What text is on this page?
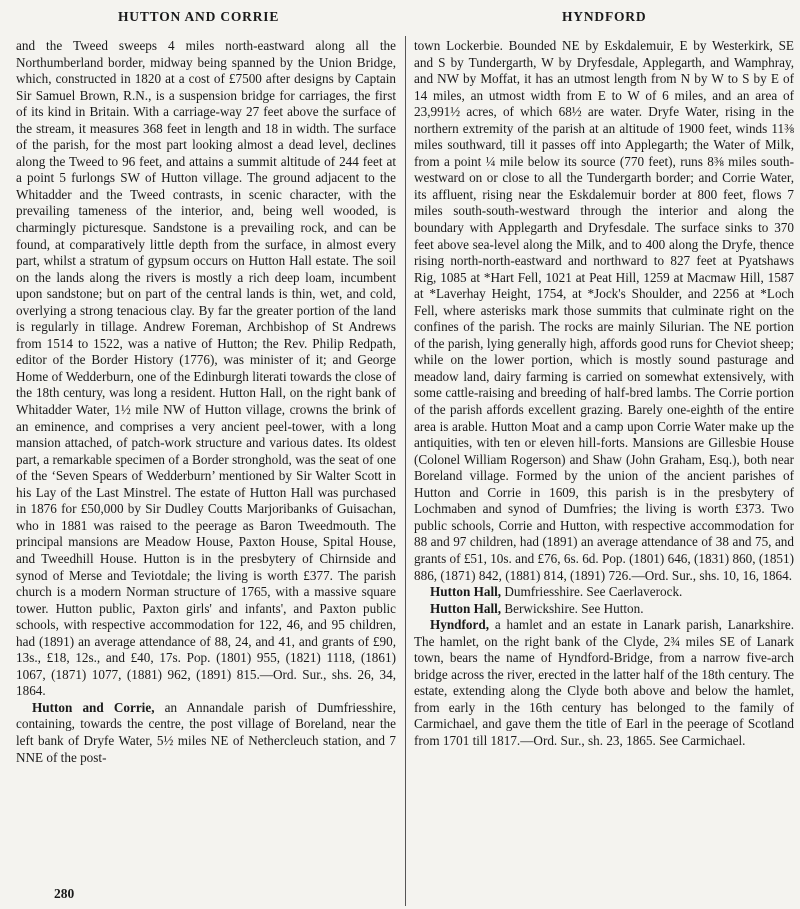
HUTTON AND CORRIE	HYNDFORD

and the Tweed sweeps 4 miles north-eastward along all the Northumberland border, midway being spanned by the Union Bridge, which, constructed in 1820 at a cost of £7500 after designs by Captain Sir Samuel Brown, R.N., is a suspension bridge for carriages, the first of its kind in Britain. With a carriage-way 27 feet above the surface of the stream, it measures 368 feet in length and 18 in width. The surface of the parish, for the most part looking almost a dead level, declines along the Tweed to 96 feet, and attains a summit altitude of 244 feet at a point 5 furlongs SW of Hutton village. The ground adjacent to the Whitadder and the Tweed contrasts, in scenic character, with the prevailing tameness of the interior, and, being well wooded, is charmingly picturesque. Sandstone is a prevailing rock, and can be found, at comparatively little depth from the surface, in almost every part, whilst a stratum of gypsum occurs on Hutton Hall estate. The soil on the lands along the rivers is mostly a rich deep loam, incumbent upon sandstone; but on part of the central lands is thin, wet, and cold, overlying a strong tenacious clay. By far the greater portion of the land is regularly in tillage. Andrew Foreman, Archbishop of St Andrews from 1514 to 1522, was a native of Hutton; the Rev. Philip Redpath, editor of the Border History (1776), was minister of it; and George Home of Wedderburn, one of the Edinburgh literati towards the close of the 18th century, was long a resident. Hutton Hall, on the right bank of Whitadder Water, 1½ mile NW of Hutton village, crowns the brink of an eminence, and comprises a very ancient peel-tower, with a long mansion attached, of patch-work structure and various dates. Its oldest part, a remarkable specimen of a Border stronghold, was the seat of one of the ‘Seven Spears of Wedderburn’ mentioned by Sir Walter Scott in his Lay of the Last Minstrel. The estate of Hutton Hall was purchased in 1876 for £50,000 by Sir Dudley Coutts Marjoribanks of Guisachan, who in 1881 was raised to the peerage as Baron Tweedmouth. The principal mansions are Meadow House, Paxton House, Spital House, and Tweedhill House. Hutton is in the presbytery of Chirnside and synod of Merse and Teviotdale; the living is worth £377. The parish church is a modern Norman structure of 1765, with a massive square tower. Hutton public, Paxton girls' and infants', and Paxton public schools, with respective accommodation for 122, 46, and 95 children, had (1891) an average attendance of 88, 24, and 41, and grants of £90, 13s., £18, 12s., and £40, 17s. Pop. (1801) 955, (1821) 1118, (1861) 1067, (1871) 1077, (1881) 962, (1891) 815.—Ord. Sur., shs. 26, 34, 1864.

Hutton and Corrie, an Annandale parish of Dumfriesshire, containing, towards the centre, the post village of Boreland, near the left bank of Dryfe Water, 5½ miles NE of Nethercleuch station, and 7 NNE of the post-

town Lockerbie. Bounded NE by Eskdalemuir, E by Westerkirk, SE and S by Tundergarth, W by Dryfesdale, Applegarth, and Wamphray, and NW by Moffat, it has an utmost length from N by W to S by E of 14 miles, an utmost width from E to W of 6 miles, and an area of 23,991½ acres, of which 68½ are water. Dryfe Water, rising in the northern extremity of the parish at an altitude of 1900 feet, winds 11⅜ miles southward, till it passes off into Applegarth; the Water of Milk, from a point ¼ mile below its source (770 feet), runs 8⅜ miles south-westward on or close to all the Tundergarth border; and Corrie Water, its affluent, rising near the Eskdalemuir border at 800 feet, flows 7 miles south-south-westward through the interior and along the boundary with Applegarth and Dryfesdale. The surface sinks to 370 feet above sea-level along the Milk, and to 400 along the Dryfe, thence rising north-north-eastward and northward to 827 feet at Pyatshaws Rig, 1085 at *Hart Fell, 1021 at Peat Hill, 1259 at Macmaw Hill, 1587 at *Laverhay Height, 1754, at *Jock's Shoulder, and 2256 at *Loch Fell, where asterisks mark those summits that culminate right on the confines of the parish. The rocks are mainly Silurian. The NE portion of the parish, lying generally high, affords good runs for Cheviot sheep; while on the lower portion, which is mostly sound pasturage and meadow land, dairy farming is carried on somewhat extensively, with some cattle-raising and breeding of half-bred lambs. The Corrie portion of the parish affords excellent grazing. Barely one-eighth of the entire area is arable. Hutton Moat and a camp upon Corrie Water make up the antiquities, with ten or eleven hill-forts. Mansions are Gillesbie House (Colonel William Rogerson) and Shaw (John Graham, Esq.), both near Boreland village. Formed by the union of the ancient parishes of Hutton and Corrie in 1609, this parish is in the presbytery of Lochmaben and synod of Dumfries; the living is worth £373. Two public schools, Corrie and Hutton, with respective accommodation for 88 and 97 children, had (1891) an average attendance of 38 and 75, and grants of £51, 10s. and £76, 6s. 6d. Pop. (1801) 646, (1831) 860, (1851) 886, (1871) 842, (1881) 814, (1891) 726.—Ord. Sur., shs. 10, 16, 1864.

Hutton Hall, Dumfriesshire. See Caerlaverock.

Hutton Hall, Berwickshire. See Hutton.

Hyndford, a hamlet and an estate in Lanark parish, Lanarkshire. The hamlet, on the right bank of the Clyde, 2¾ miles SE of Lanark town, bears the name of Hyndford-Bridge, from a narrow five-arch bridge across the river, erected in the latter half of the 18th century. The estate, extending along the Clyde both above and below the hamlet, from early in the 16th century has belonged to the family of Carmichael, and gave them the title of Earl in the peerage of Scotland from 1701 till 1817.—Ord. Sur., sh. 23, 1865. See Carmichael.

280
